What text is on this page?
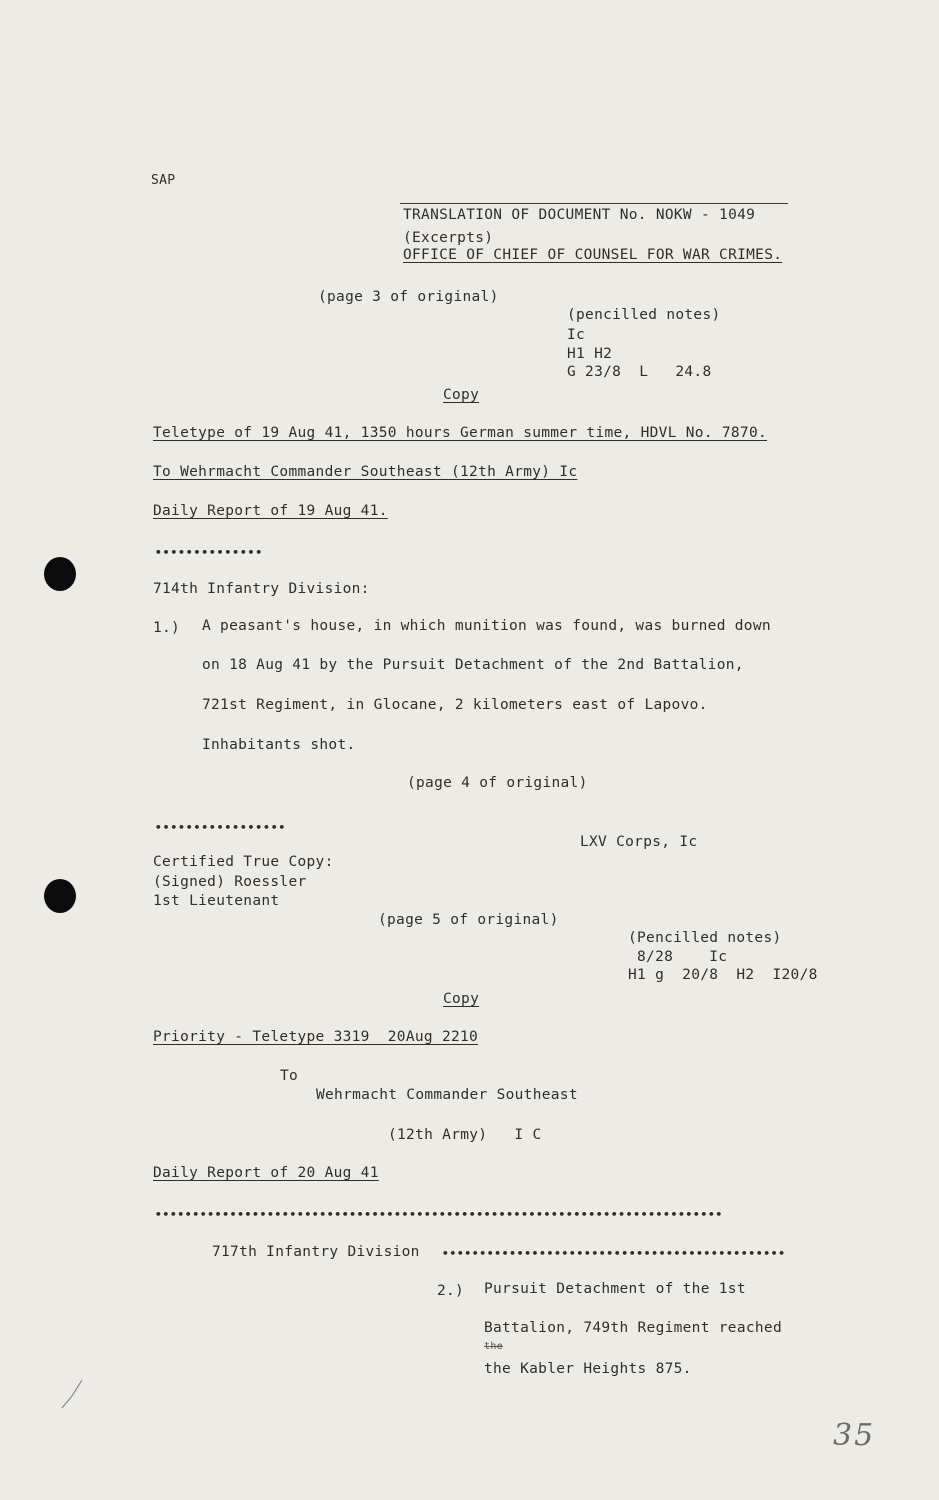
SAP
TRANSLATION OF DOCUMENT No. NOKW - 1049
(Excerpts)
OFFICE OF CHIEF OF COUNSEL FOR WAR CRIMES.
(page 3 of original)
(pencilled notes)
Ic
H1 H2
G 23/8  L   24.8
Copy
Teletype of 19 Aug 41, 1350 hours German summer time, HDVL No. 7870.
To Wehrmacht Commander Southeast (12th Army) Ic
Daily Report of 19 Aug 41.
••••••••••••••
714th Infantry Division:
1.) A peasant's house, in which munition was found, was burned down
on 18 Aug 41 by the Pursuit Detachment of the 2nd Battalion,
721st Regiment, in Glocane, 2 kilometers east of Lapovo.
Inhabitants shot.
(page 4 of original)
•••••••••••••••••
LXV Corps, Ic
Certified True Copy:
(Signed) Roessler
1st Lieutenant
(page 5 of original)
(Pencilled notes)
8/28    Ic
H1 g  20/8  H2  I20/8
Copy
Priority - Teletype 3319  20Aug 2210
To
Wehrmacht Commander Southeast
(12th Army)   I C
Daily Report of 20 Aug 41
••••••••••••••••••••••••••••••••••••••••••••••••••••••••••••••••••••••••••••
717th Infantry Division ••••••••••••••••••••••••••••••••••••••••••••••
2.) Pursuit Detachment of the 1st
Battalion, 749th Regiment reached
the
the Kabler Heights 875.
35
